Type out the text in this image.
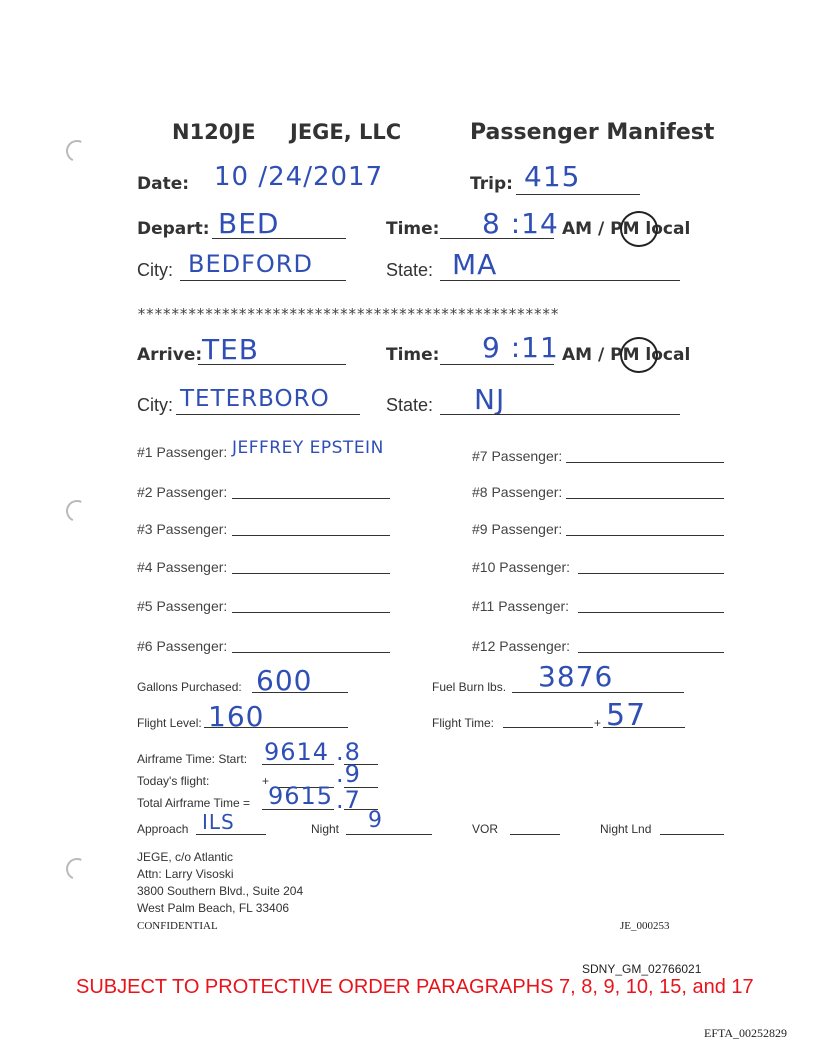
N120JE JEGE, LLC	Passenger Manifest
Date: 10 /24/2017	Trip: 415
Depart: BED	Time: 8 :14 AM / PM local
City: BEDFORD	State: MA
**************************************************
Arrive: TEB	Time: 9 :11 AM / PM local
City: TETERBORO	State: NJ
#1 Passenger: JEFFREY EPSTEIN
#2 Passenger:
#3 Passenger:
#4 Passenger:
#5 Passenger:
#6 Passenger:
#7 Passenger:
#8 Passenger:
#9 Passenger:
#10 Passenger:
#11 Passenger:
#12 Passenger:
Gallons Purchased: 600	Fuel Burn lbs. 3876
Flight Level: 160	Flight Time:	+ 57
Airframe Time: Start: 9614 .8
Today's flight:	+	.9
Total Airframe Time = 9615 .7
Approach ILS	Night 9	VOR	Night Lnd
JEGE, c/o Atlantic
Attn: Larry Visoski
3800 Southern Blvd., Suite 204
West Palm Beach, FL 33406
CONFIDENTIAL	JE_000253
SDNY_GM_02766021
SUBJECT TO PROTECTIVE ORDER PARAGRAPHS 7, 8, 9, 10, 15, and 17
EFTA_00252829
